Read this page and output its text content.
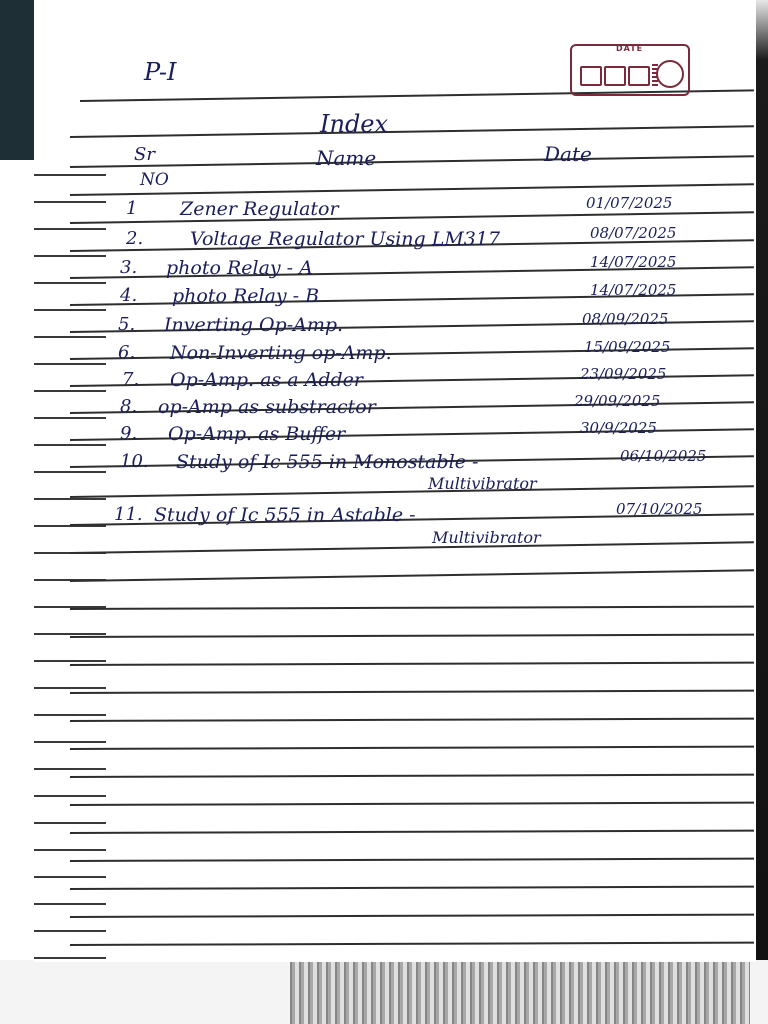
P-I
DATE
Index
Sr
NO
Name	Date
1 Zener Regulator	01/07/2025
2. Voltage Regulator Using LM317	08/07/2025
3. photo Relay - A	14/07/2025
4. photo Relay - B	14/07/2025
5. Inverting Op-Amp.	08/09/2025
6. Non-Inverting op-Amp.	15/09/2025
7. Op-Amp. as a Adder	23/09/2025
8. op-Amp as substractor	29/09/2025
9. Op-Amp. as Buffer	30/9/2025
10. Study of Ic 555 in Monostable -	06/10/2025
Multivibrator
11. Study of Ic 555 in Astable -	07/10/2025
Multivibrator
